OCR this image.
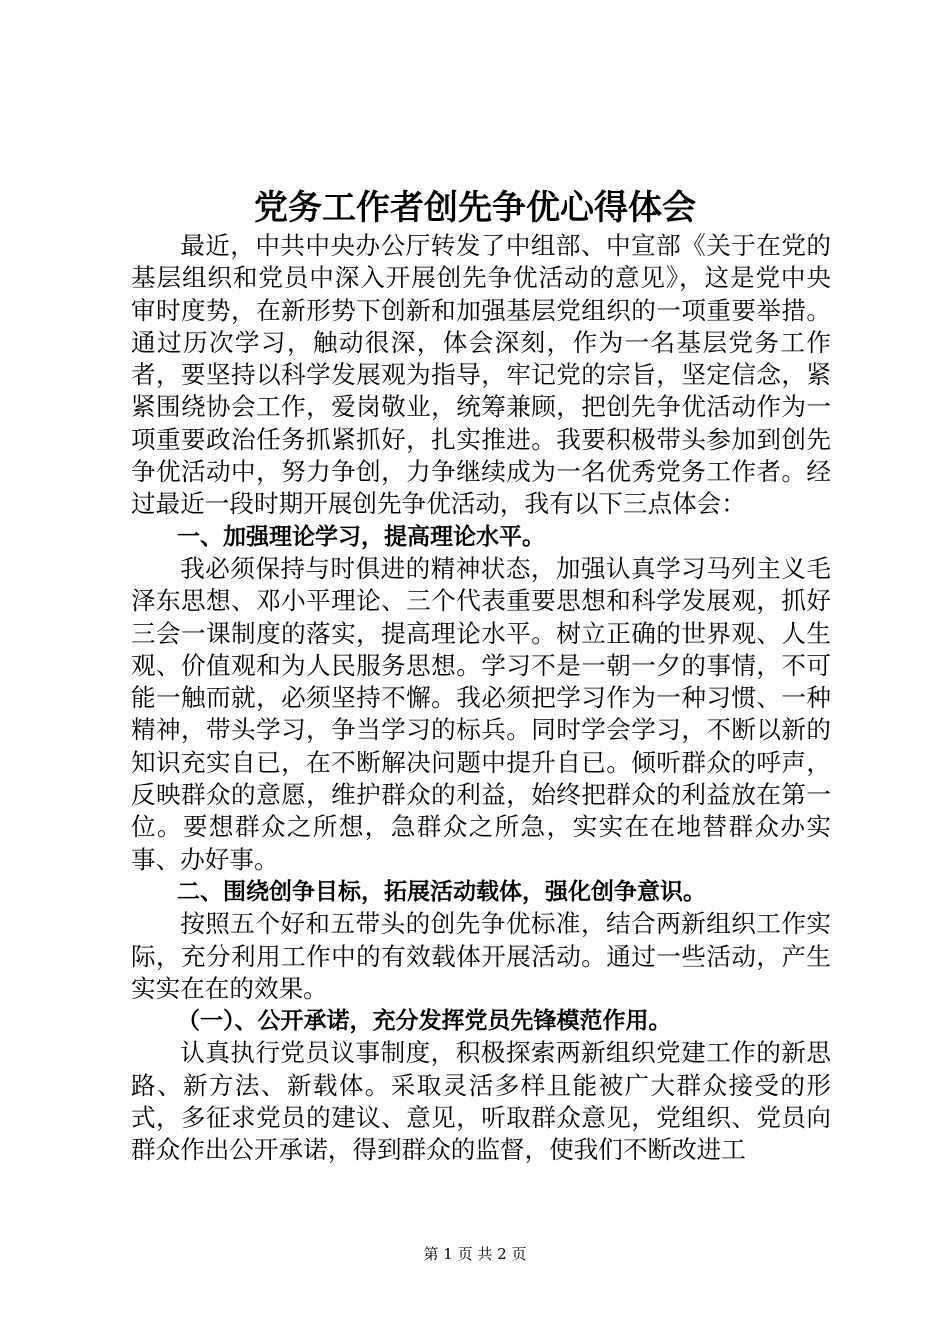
党务工作者创先争优心得体会

最近，中共中央办公厅转发了中组部、中宣部《关于在党的基层组织和党员中深入开展创先争优活动的意见》，这是党中央审时度势，在新形势下创新和加强基层党组织的一项重要举措。通过历次学习，触动很深，体会深刻，作为一名基层党务工作者，要坚持以科学发展观为指导，牢记党的宗旨，坚定信念，紧紧围绕协会工作，爱岗敬业，统筹兼顾，把创先争优活动作为一项重要政治任务抓紧抓好，扎实推进。我要积极带头参加到创先争优活动中，努力争创，力争继续成为一名优秀党务工作者。经过最近一段时期开展创先争优活动，我有以下三点体会：

一、加强理论学习，提高理论水平。

我必须保持与时俱进的精神状态，加强认真学习马列主义毛泽东思想、邓小平理论、三个代表重要思想和科学发展观，抓好三会一课制度的落实，提高理论水平。树立正确的世界观、人生观、价值观和为人民服务思想。学习不是一朝一夕的事情，不可能一触而就，必须坚持不懈。我必须把学习作为一种习惯、一种精神，带头学习，争当学习的标兵。同时学会学习，不断以新的知识充实自已，在不断解决问题中提升自已。倾听群众的呼声，反映群众的意愿，维护群众的利益，始终把群众的利益放在第一位。要想群众之所想，急群众之所急，实实在在地替群众办实事、办好事。

二、围绕创争目标，拓展活动载体，强化创争意识。

按照五个好和五带头的创先争优标准，结合两新组织工作实际，充分利用工作中的有效载体开展活动。通过一些活动，产生实实在在的效果。

（一）、公开承诺，充分发挥党员先锋模范作用。

认真执行党员议事制度，积极探索两新组织党建工作的新思路、新方法、新载体。采取灵活多样且能被广大群众接受的形式，多征求党员的建议、意见，听取群众意见，党组织、党员向群众作出公开承诺，得到群众的监督，使我们不断改进工

第 1 页 共 2 页
